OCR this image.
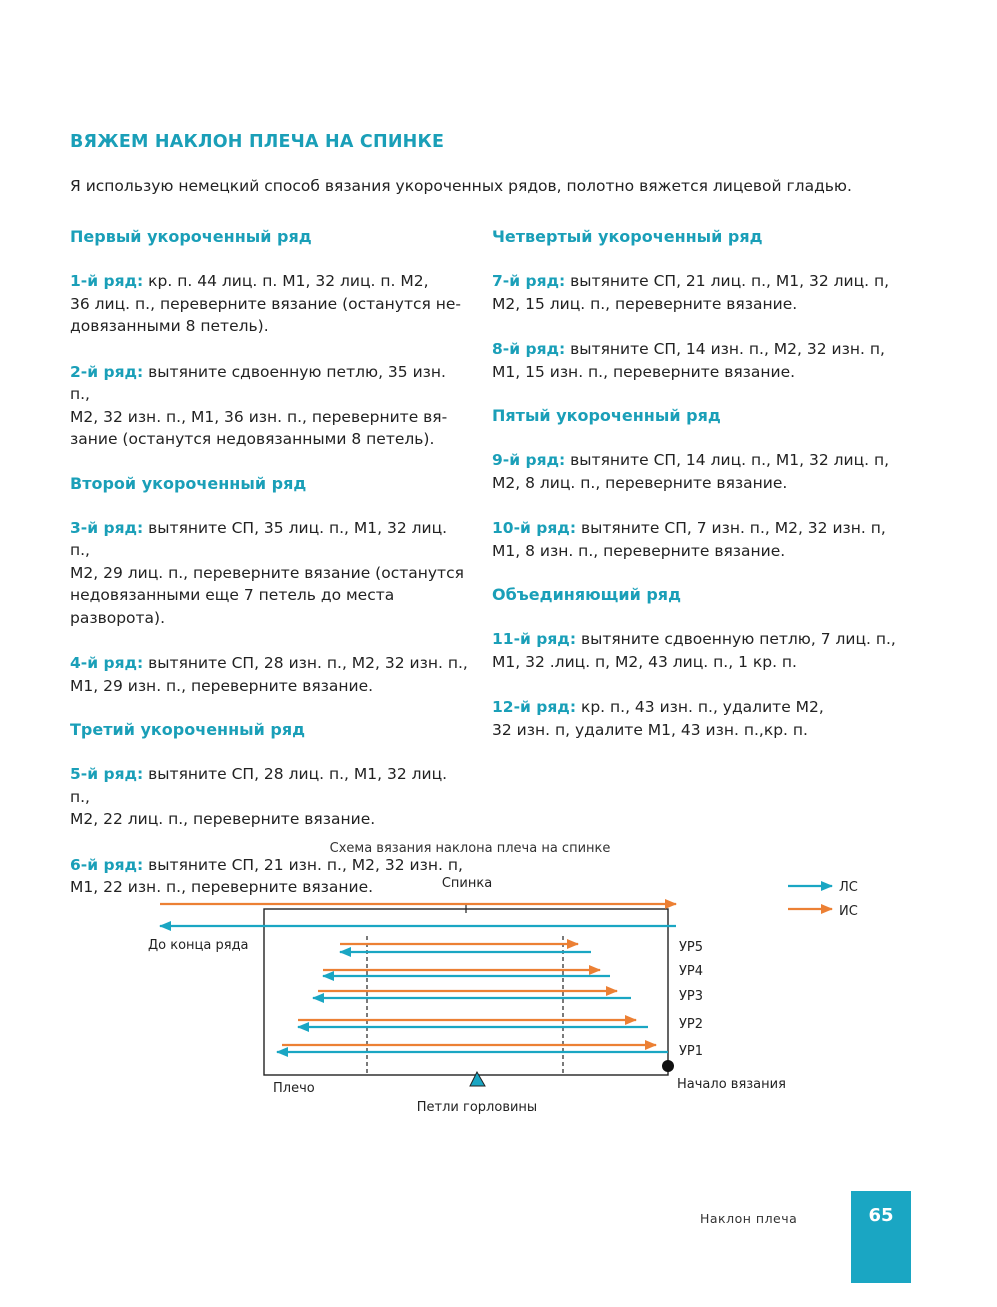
ВЯЖЕМ НАКЛОН ПЛЕЧА НА СПИНКЕ
Я использую немецкий способ вязания укороченных рядов, полотно вяжется лицевой гладью.

Первый укороченный ряд

1-й ряд: кр. п. 44 лиц. п. М1, 32 лиц. п. М2,

36 лиц. п., переверните вязание (останутся не-

довязанными 8 петель).

2-й ряд: вытяните сдвоенную петлю, 35 изн. п.,

М2, 32 изн. п., М1, 36 изн. п., переверните вя-

зание (останутся недовязанными 8 петель).

Второй укороченный ряд

3-й ряд: вытяните СП, 35 лиц. п., М1, 32 лиц. п.,

М2, 29 лиц. п., переверните вязание (останутся

недовязанными еще 7 петель до места разворота).

4-й ряд: вытяните СП, 28 изн. п., М2, 32 изн. п.,

М1, 29 изн. п., переверните вязание.

Третий укороченный ряд

5-й ряд: вытяните СП, 28 лиц. п., М1, 32 лиц. п.,

М2, 22 лиц. п., переверните вязание.

6-й ряд: вытяните СП, 21 изн. п., М2, 32 изн. п,

М1, 22 изн. п., переверните вязание.

Четвертый укороченный ряд

7-й ряд: вытяните СП, 21 лиц. п., М1, 32 лиц. п,

М2, 15 лиц. п., переверните вязание.

8-й ряд: вытяните СП, 14 изн. п., М2, 32 изн. п,

М1, 15 изн. п., переверните вязание.

Пятый укороченный ряд

9-й ряд: вытяните СП, 14 лиц. п., М1, 32 лиц. п,

М2, 8 лиц. п., переверните вязание.

10-й ряд: вытяните СП, 7 изн. п., М2, 32 изн. п,

М1, 8 изн. п., переверните вязание.

Объединяющий ряд

11-й ряд: вытяните сдвоенную петлю, 7 лиц. п.,

М1, 32 .лиц. п, М2, 43 лиц. п., 1 кр. п.

12-й ряд: кр. п., 43 изн. п., удалите М2,

32 изн. п, удалите М1, 43 изн. п.,кр. п.

Схема вязания наклона плеча на спинке
Спинка
До конца ряда	УР5
УР4
УР3
УР2
УР1
Начало вязания
Петли горловины
Плечо
ЛС
ИС
Наклон плеча	65
